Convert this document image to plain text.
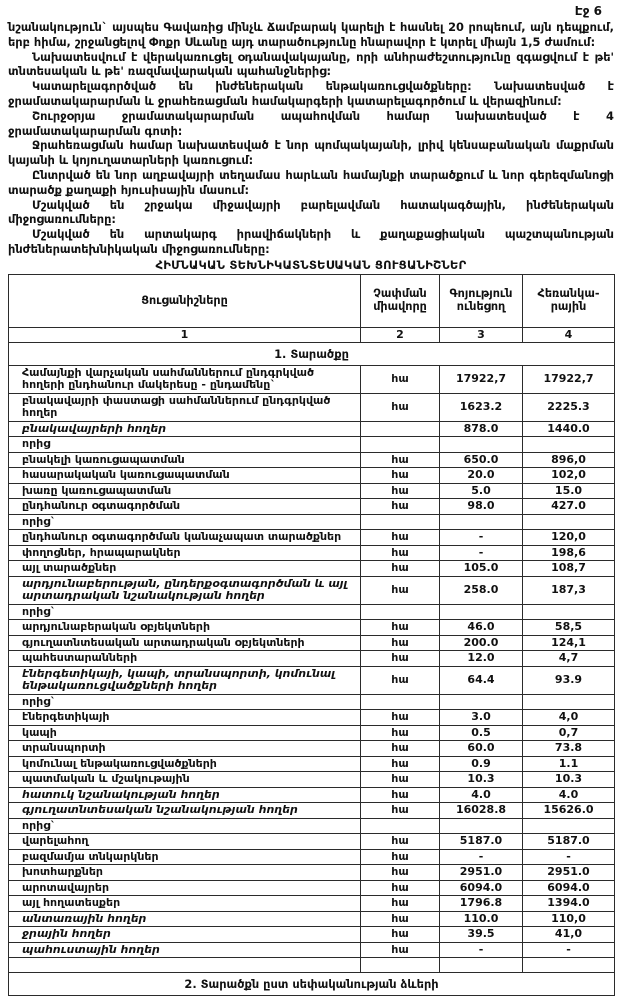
Էջ 6

նշանակություն` այսպես Գավառից մինչև Ճամբարակ կարելի է հասնել 20 րոպեում, այն դեպքում, երբ հիմա, շրջանցելով Փոքր Սևանը այդ տարածությունը հնարավոր է կտրել միայն 1,5 ժամում:

Նախատեսվում է վերակառուցել օդանավակայանը, որի անհրաժեշտությունը զգացվում է թե' տնտեսական և թե' ռազմավարական պահանջներից:

Կատարելագործված են ինժեներական ենթակառուցվածքները: Նախատեսված է ջրամատակարարման և ջրահեռացման համակարգերի կատարելագործում և վերազինում:

Շուրջօրյա ջրամատակարարման ապահովման համար նախատեսված է 4 ջրամատակարարման գոտի:

Ջրահեռացման համար նախատեսված է նոր պոմպակայանի, լրիվ կենսաբանական մաքրման կայանի և կոյուղատարների կառուցում:

Ընտրված են նոր աղբավայրի տեղամաս հարևան համայնքի տարածքում և նոր գերեզմանոցի տարածք քաղաքի հյուսիսային մասում:

Մշակված են շրջակա միջավայրի բարելավման հատակագծային, ինժեներական միջոցառումները:

Մշակված են արտակարգ իրավիճակների և քաղաքացիական պաշտպանության ինժեներատեխնիկական միջոցառումները:

ՀԻՄՆԱԿԱՆ ՏԵԽՆԻԿԱՏՆՏԵՍԱԿԱՆ ՑՈՒՑԱՆԻՇՆԵՐ
Ցուցանիշները	Չափման միավորը	Գոյություն ունեցող	Հեռանկա-րային
1	2	3	4
1. Տարածքը			
Համայնքի վարչական սահմաններում ընդգրկված հողերի ընդհանուր մակերեսը - ընդամենը`	հա	17922,7	17922,7
բնակավայրի փաստացի սահմաններում ընդգրկված հողեր	հա	1623.2	2225.3
բնակավայրերի հողեր		878.0	1440.0
որից			
բնակելի կառուցապատման	հա	650.0	896,0
հասարակական կառուցապատման	հա	20.0	102,0
խառը կառուցապատման	հա	5.0	15.0
ընդհանուր օգտագործման	հա	98.0	427.0
որից`			
ընդհանուր օգտագործման կանաչապատ տարածքներ	հա	-	120,0
փողոցներ, հրապարակներ	հա	-	198,6
այլ տարածքներ	հա	105.0	108,7
արդյունաբերության, ընդերքօգտագործման և այլ արտադրական նշանակության հողեր	հա	258.0	187,3
որից`			
արդյունաբերական օբյեկտների	հա	46.0	58,5
գյուղատնտեսական արտադրական օբյեկտների	հա	200.0	124,1
պահեստարանների	հա	12.0	4,7
էներգետիկայի, կապի, տրանսպորտի, կոմունալ ենթակառուցվածքների հողեր	հա	64.4	93.9
որից`			
էներգետիկայի	հա	3.0	4,0
կապի	հա	0.5	0,7
տրանսպորտի	հա	60.0	73.8
կոմունալ ենթակառուցվածքների	հա	0.9	1.1
պատմական և մշակութային	հա	10.3	10.3
հատուկ նշանակության հողեր	հա	4.0	4.0
գյուղատնտեսական նշանակության հողեր	հա	16028.8	15626.0
որից`			
վարելահող	հա	5187.0	5187.0
բազմամյա տնկարկներ	հա	-	-
խոտհարքներ	հա	2951.0	2951.0
արոտավայրեր	հա	6094.0	6094.0
այլ հողատեսքեր	հա	1796.8	1394.0
անտառային հողեր	հա	110.0	110,0
ջրային հողեր	հա	39.5	41,0
պահուստային հողեր	հա	-	-

2. Տարածքն ըստ սեփականության ձևերի			
